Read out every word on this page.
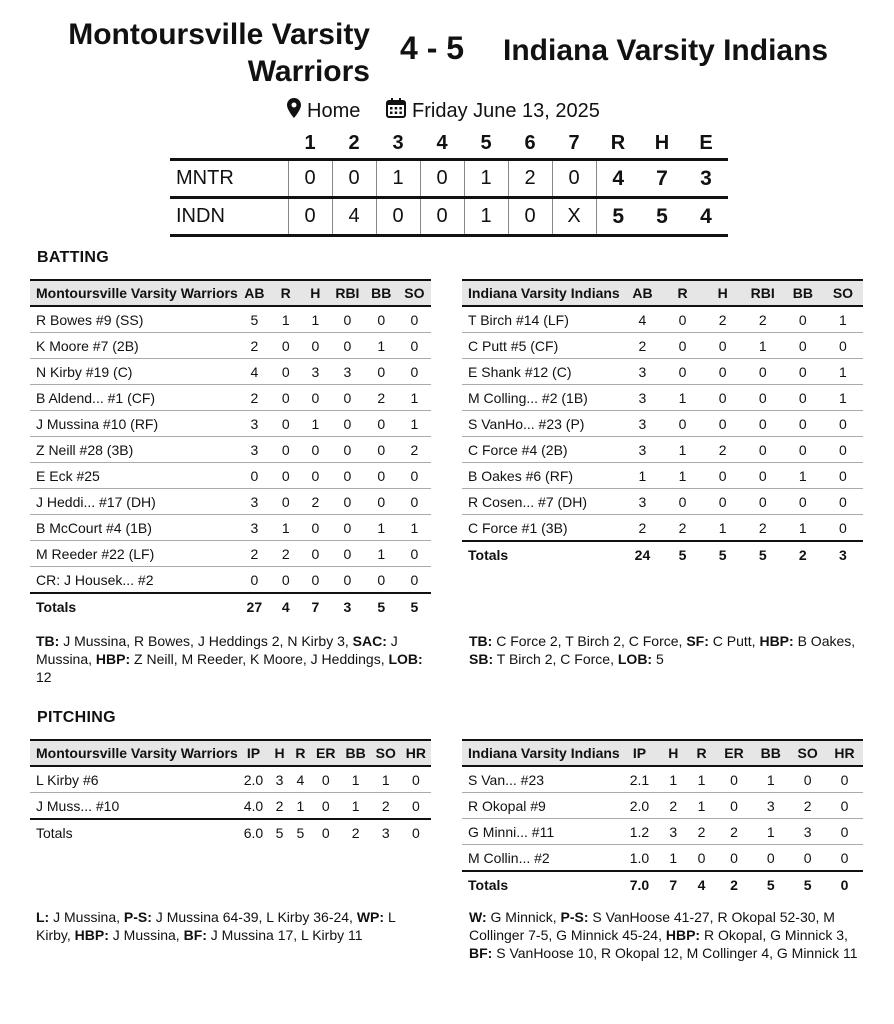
Montoursville Varsity Warriors
4 - 5 Indiana Varsity Indians
Home	Friday June 13, 2025
	1	2	3	4	5	6	7	R	H	E
MNTR	0	0	1	0	1	2	0	4	7	3
INDN	0	4	0	0	1	0	X	5	5	4
BATTING
Montoursville Varsity Warriors	AB	R	H	RBI	BB	SO
R Bowes #9 (SS)	5	1	1	0	0	0
K Moore #7 (2B)	2	0	0	0	1	0
N Kirby #19 (C)	4	0	3	3	0	0
B Aldend... #1 (CF)	2	0	0	0	2	1
J Mussina #10 (RF)	3	0	1	0	0	1
Z Neill #28 (3B)	3	0	0	0	0	2
E Eck #25	0	0	0	0	0	0
J Heddi... #17 (DH)	3	0	2	0	0	0
B McCourt #4 (1B)	3	1	0	0	1	1
M Reeder #22 (LF)	2	2	0	0	1	0
CR: J Housek... #2	0	0	0	0	0	0
Totals	27	4	7	3	5	5
Indiana Varsity Indians	AB	R	H	RBI	BB	SO
T Birch #14 (LF)	4	0	2	2	0	1
C Putt #5 (CF)	2	0	0	1	0	0
E Shank #12 (C)	3	0	0	0	0	1
M Colling... #2 (1B)	3	1	0	0	0	1
S VanHo... #23 (P)	3	0	0	0	0	0
C Force #4 (2B)	3	1	2	0	0	0
B Oakes #6 (RF)	1	1	0	0	1	0
R Cosen... #7 (DH)	3	0	0	0	0	0
C Force #1 (3B)	2	2	1	2	1	0
Totals	24	5	5	5	2	3
TB: J Mussina, R Bowes, J Heddings 2, N Kirby 3, SAC: J Mussina, HBP: Z Neill, M Reeder, K Moore, J Heddings, LOB: 12
TB: C Force 2, T Birch 2, C Force, SF: C Putt, HBP: B Oakes, SB: T Birch 2, C Force, LOB: 5
PITCHING
Montoursville Varsity Warriors	IP	H	R	ER	BB	SO	HR
L Kirby #6	2.0	3	4	0	1	1	0
J Muss... #10	4.0	2	1	0	1	2	0
Totals	6.0	5	5	0	2	3	0
Indiana Varsity Indians	IP	H	R	ER	BB	SO	HR
S Van... #23	2.1	1	1	0	1	0	0
R Okopal #9	2.0	2	1	0	3	2	0
G Minni... #11	1.2	3	2	2	1	3	0
M Collin... #2	1.0	1	0	0	0	0	0
Totals	7.0	7	4	2	5	5	0
L: J Mussina, P-S: J Mussina 64-39, L Kirby 36-24, WP: L Kirby, HBP: J Mussina, BF: J Mussina 17, L Kirby 11
W: G Minnick, P-S: S VanHoose 41-27, R Okopal 52-30, M Collinger 7-5, G Minnick 45-24, HBP: R Okopal, G Minnick 3, BF: S VanHoose 10, R Okopal 12, M Collinger 4, G Minnick 11
